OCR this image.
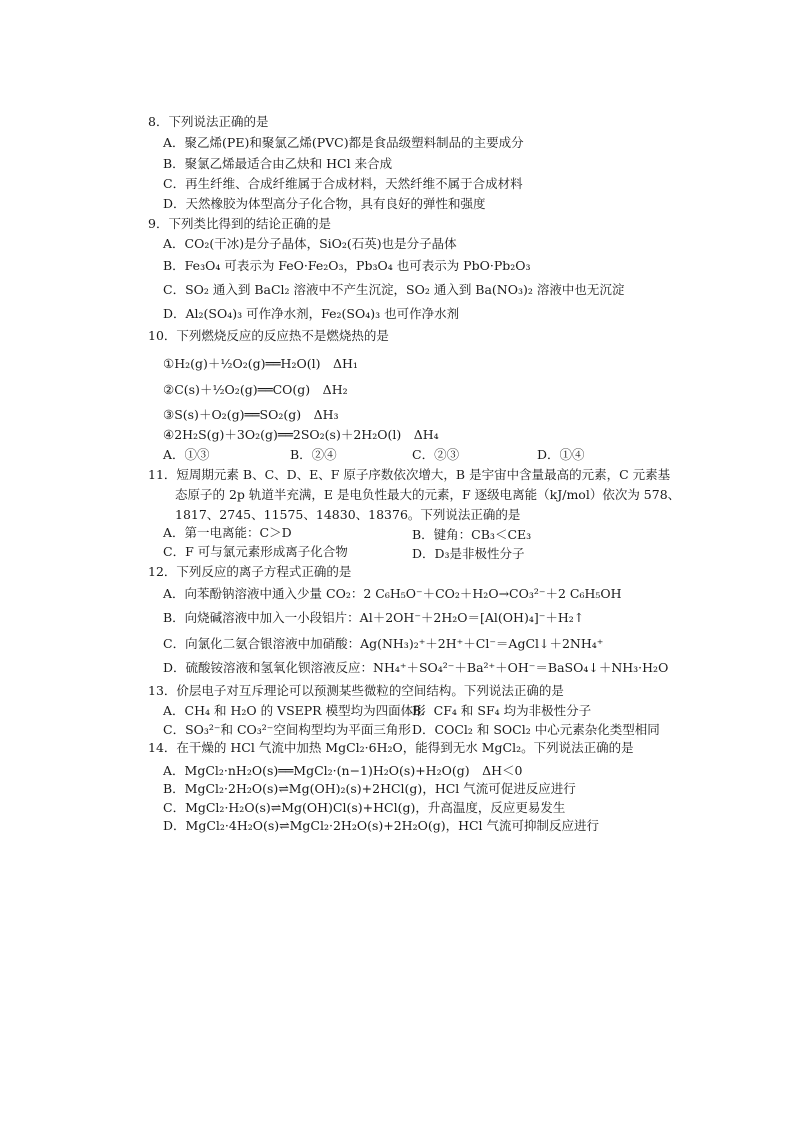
8．下列说法正确的是
A．聚乙烯(PE)和聚氯乙烯(PVC)都是食品级塑料制品的主要成分
B．聚氯乙烯最适合由乙炔和 HCl 来合成
C．再生纤维、合成纤维属于合成材料，天然纤维不属于合成材料
D．天然橡胶为体型高分子化合物，具有良好的弹性和强度
9．下列类比得到的结论正确的是
A．CO₂(干冰)是分子晶体，SiO₂(石英)也是分子晶体
B．Fe₃O₄ 可表示为 FeO·Fe₂O₃，Pb₃O₄ 也可表示为 PbO·Pb₂O₃
C．SO₂ 通入到 BaCl₂ 溶液中不产生沉淀，SO₂ 通入到 Ba(NO₃)₂ 溶液中也无沉淀
D．Al₂(SO₄)₃ 可作净水剂，Fe₂(SO₄)₃ 也可作净水剂
10．下列燃烧反应的反应热不是燃烧热的是
①H₂(g)＋½O₂(g)══H₂O(l)　ΔH₁
②C(s)＋½O₂(g)══CO(g)　ΔH₂
③S(s)＋O₂(g)══SO₂(g)　ΔH₃
④2H₂S(g)＋3O₂(g)══2SO₂(s)＋2H₂O(l)　ΔH₄
A．①③	B．②④	C．②③	D．①④
11．短周期元素 B、C、D、E、F 原子序数依次增大，B 是宇宙中含量最高的元素，C 元素基
态原子的 2p 轨道半充满，E 是电负性最大的元素，F 逐级电离能（kJ/mol）依次为 578、
1817、2745、11575、14830、18376。下列说法正确的是
A．第一电离能：C＞D	B．键角：CB₃＜CE₃
C．F 可与氯元素形成离子化合物	D．D₃是非极性分子
12．下列反应的离子方程式正确的是
A．向苯酚钠溶液中通入少量 CO₂：2 C₆H₅O⁻＋CO₂＋H₂O→CO₃²⁻＋2 C₆H₅OH
B．向烧碱溶液中加入一小段铝片：Al＋2OH⁻＋2H₂O＝[Al(OH)₄]⁻＋H₂↑
C．向氯化二氨合银溶液中加硝酸：Ag(NH₃)₂⁺＋2H⁺＋Cl⁻＝AgCl↓＋2NH₄⁺
D．硫酸铵溶液和氢氧化钡溶液反应：NH₄⁺＋SO₄²⁻＋Ba²⁺＋OH⁻＝BaSO₄↓＋NH₃·H₂O
13．价层电子对互斥理论可以预测某些微粒的空间结构。下列说法正确的是
A．CH₄ 和 H₂O 的 VSEPR 模型均为四面体形
B．CF₄ 和 SF₄ 均为非极性分子
C．SO₃²⁻和 CO₃²⁻空间构型均为平面三角形 D．COCl₂ 和 SOCl₂ 中心元素杂化类型相同
14．在干燥的 HCl 气流中加热 MgCl₂·6H₂O，能得到无水 MgCl₂。下列说法正确的是
A．MgCl₂·nH₂O(s)══MgCl₂·(n−1)H₂O(s)+H₂O(g)　ΔH＜0
B．MgCl₂·2H₂O(s)⇌Mg(OH)₂(s)+2HCl(g)，HCl 气流可促进反应进行
C．MgCl₂·H₂O(s)⇌Mg(OH)Cl(s)+HCl(g)，升高温度，反应更易发生
D．MgCl₂·4H₂O(s)⇌MgCl₂·2H₂O(s)+2H₂O(g)，HCl 气流可抑制反应进行
